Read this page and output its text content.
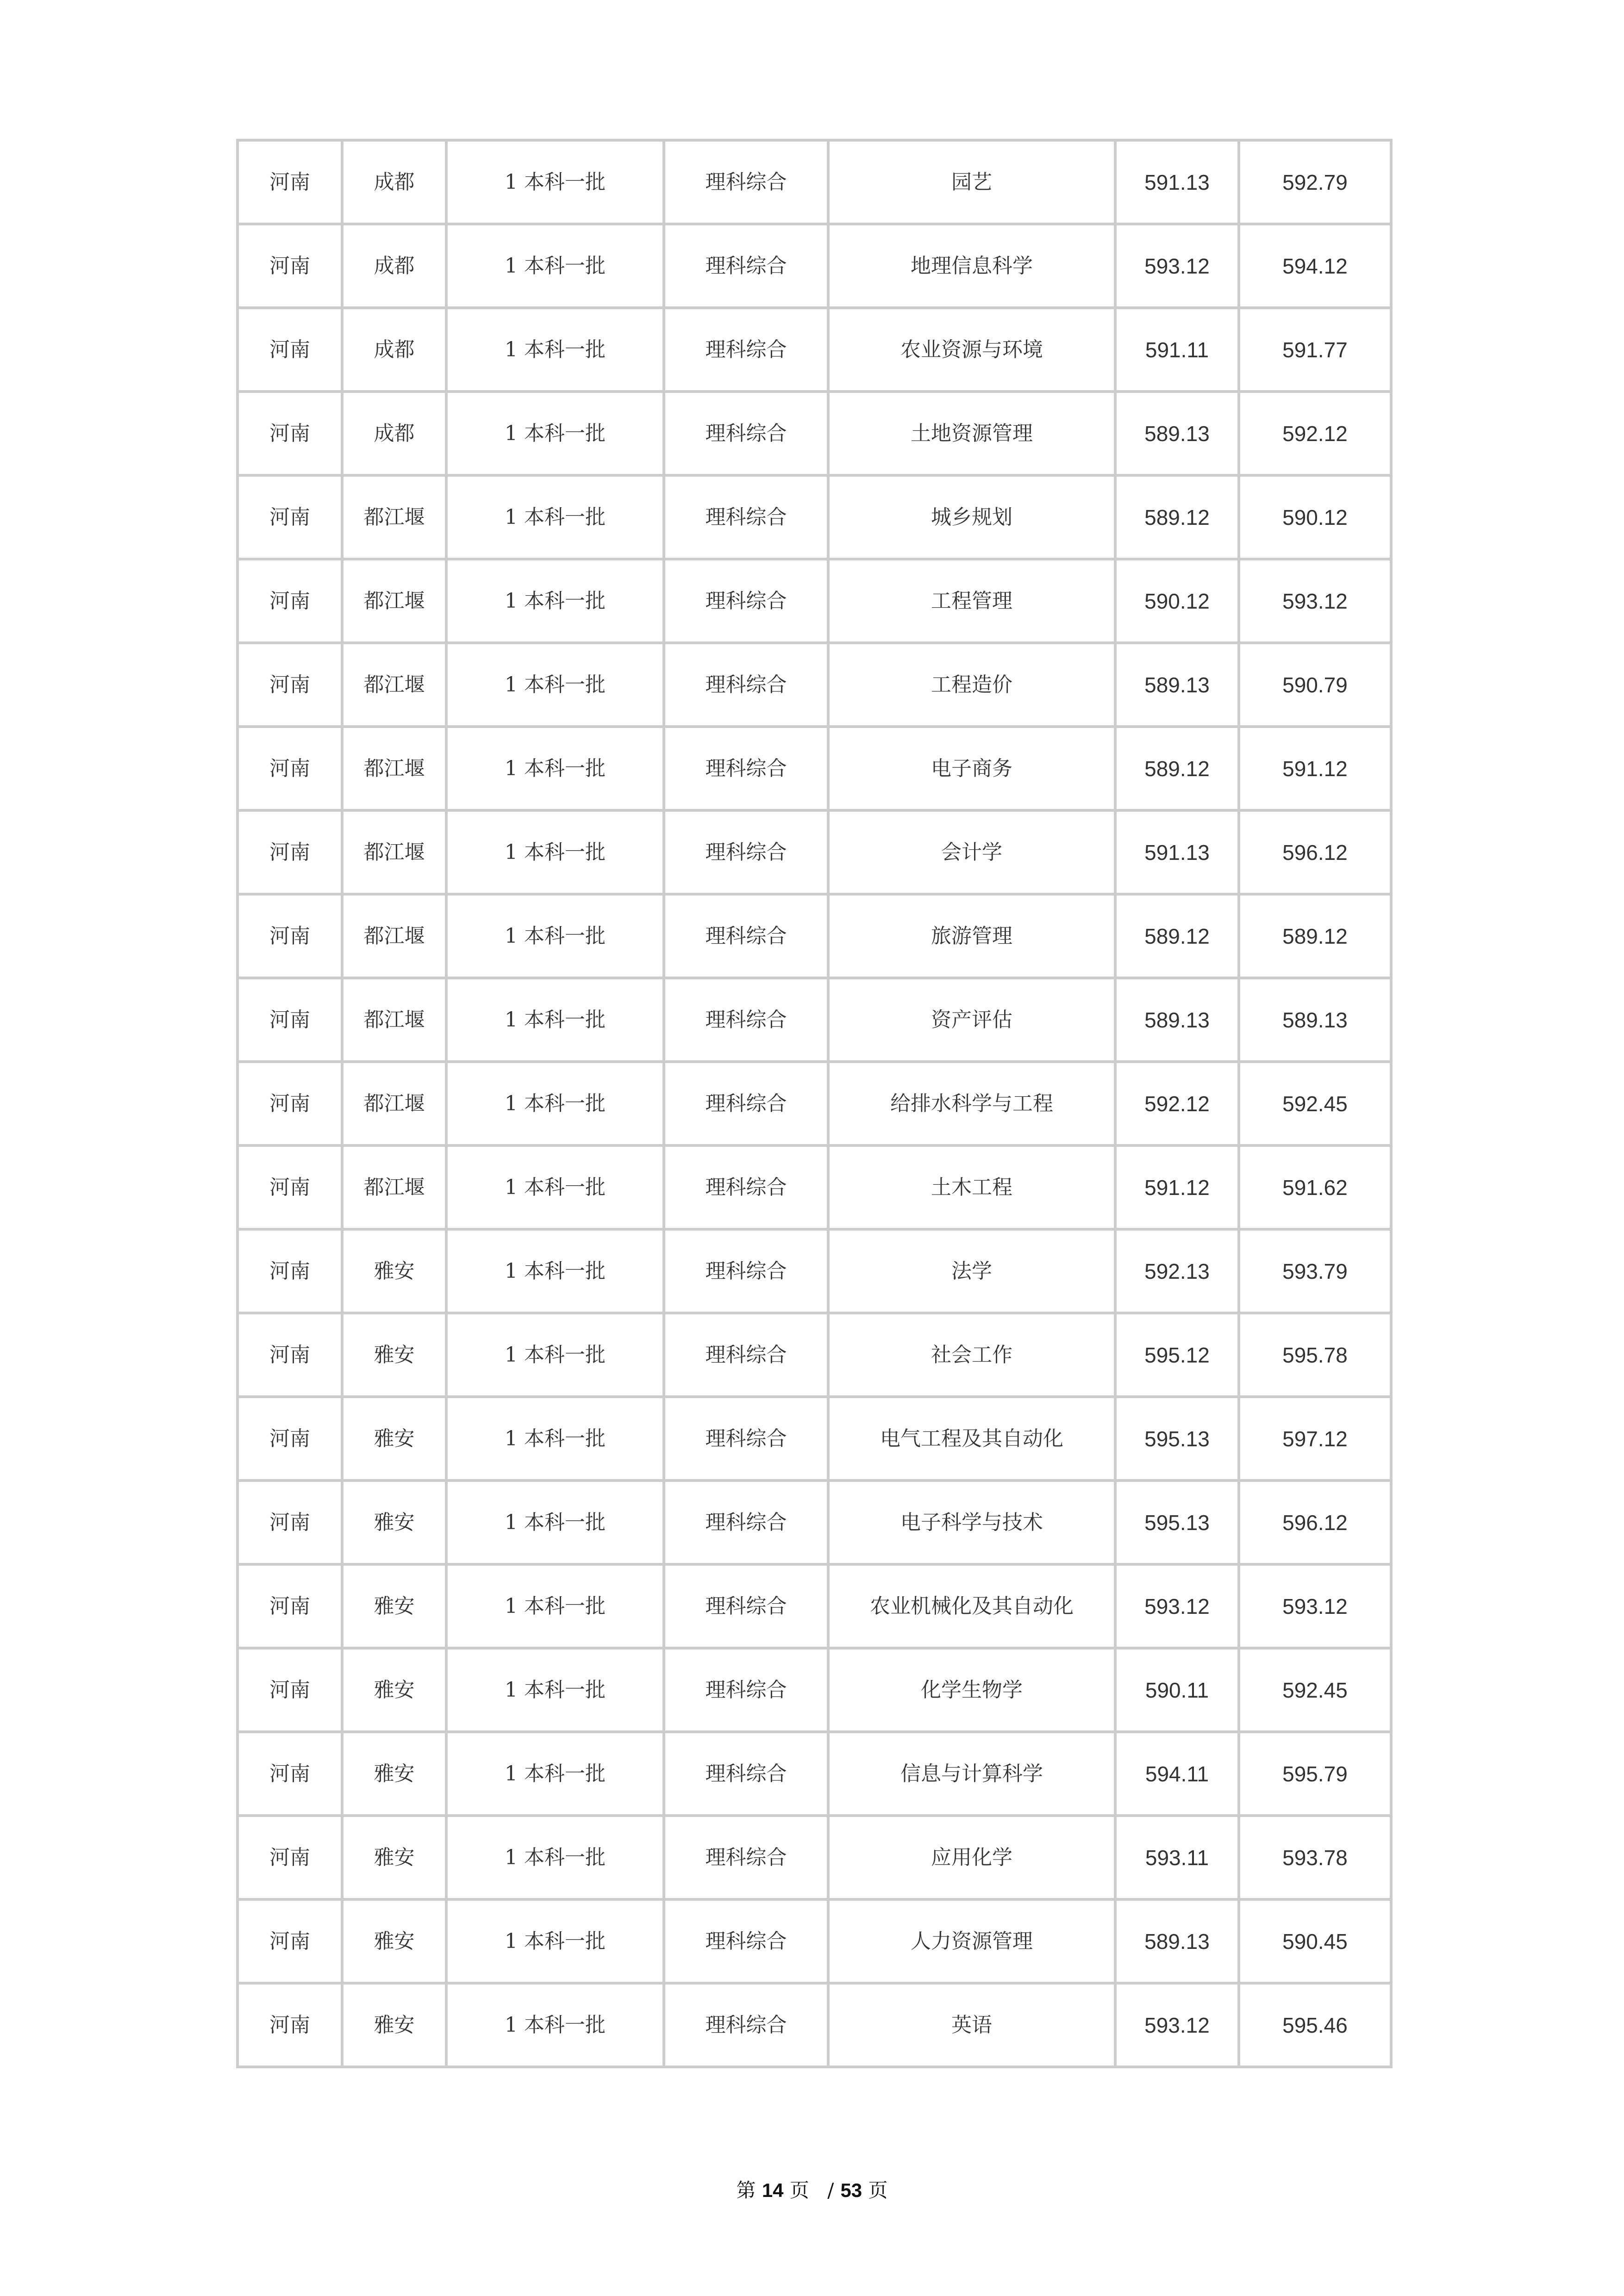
河南	成都	1 本科一批	理科综合	园艺	591.13	592.79
河南	成都	1 本科一批	理科综合	地理信息科学	593.12	594.12
河南	成都	1 本科一批	理科综合	农业资源与环境	591.11	591.77
河南	成都	1 本科一批	理科综合	土地资源管理	589.13	592.12
河南	都江堰	1 本科一批	理科综合	城乡规划	589.12	590.12
河南	都江堰	1 本科一批	理科综合	工程管理	590.12	593.12
河南	都江堰	1 本科一批	理科综合	工程造价	589.13	590.79
河南	都江堰	1 本科一批	理科综合	电子商务	589.12	591.12
河南	都江堰	1 本科一批	理科综合	会计学	591.13	596.12
河南	都江堰	1 本科一批	理科综合	旅游管理	589.12	589.12
河南	都江堰	1 本科一批	理科综合	资产评估	589.13	589.13
河南	都江堰	1 本科一批	理科综合	给排水科学与工程	592.12	592.45
河南	都江堰	1 本科一批	理科综合	土木工程	591.12	591.62
河南	雅安	1 本科一批	理科综合	法学	592.13	593.79
河南	雅安	1 本科一批	理科综合	社会工作	595.12	595.78
河南	雅安	1 本科一批	理科综合	电气工程及其自动化	595.13	597.12
河南	雅安	1 本科一批	理科综合	电子科学与技术	595.13	596.12
河南	雅安	1 本科一批	理科综合	农业机械化及其自动化	593.12	593.12
河南	雅安	1 本科一批	理科综合	化学生物学	590.11	592.45
河南	雅安	1 本科一批	理科综合	信息与计算科学	594.11	595.79
河南	雅安	1 本科一批	理科综合	应用化学	593.11	593.78
河南	雅安	1 本科一批	理科综合	人力资源管理	589.13	590.45
河南	雅安	1 本科一批	理科综合	英语	593.12	595.46
第 14 页 / 53 页
